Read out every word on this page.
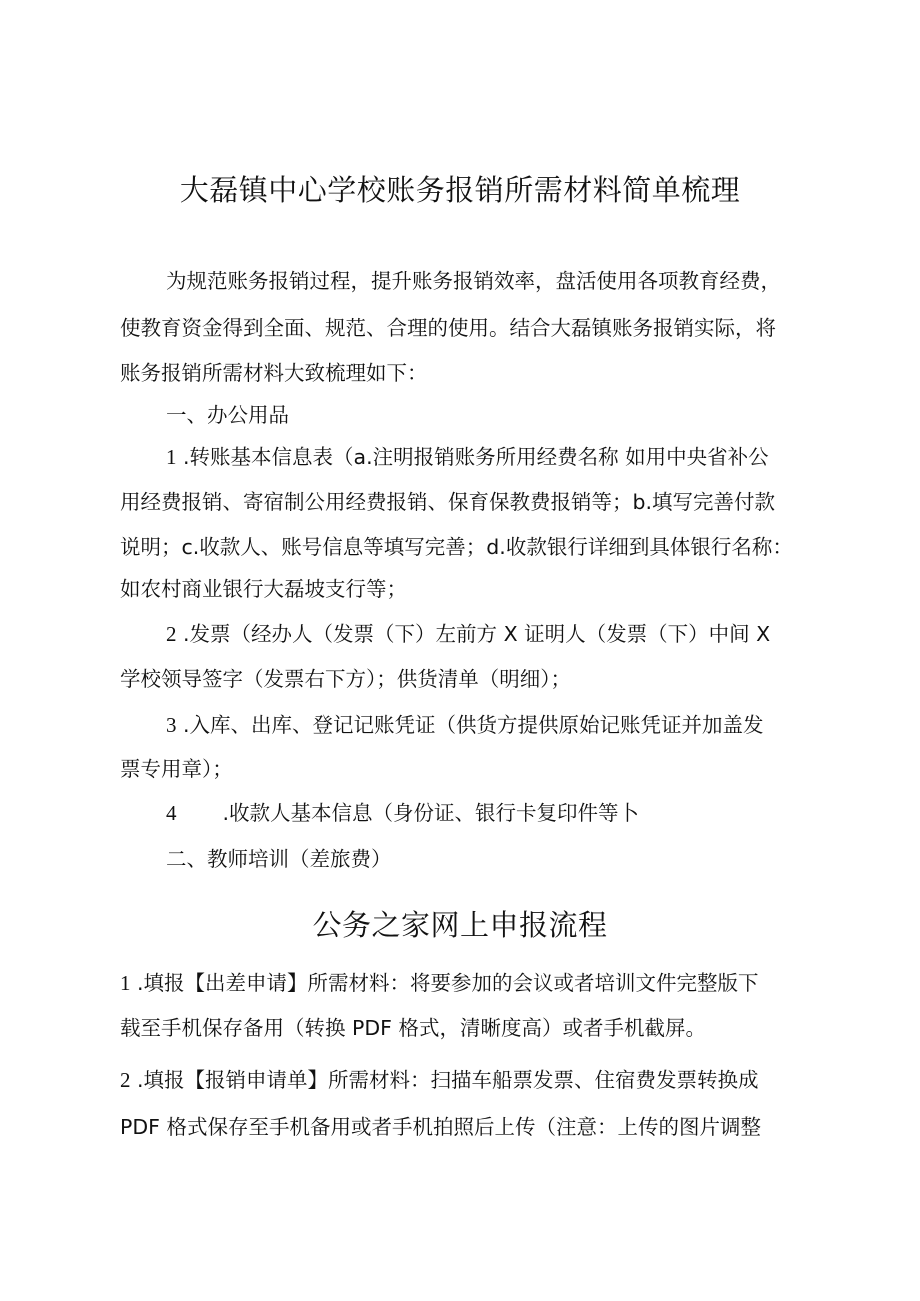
大磊镇中心学校账务报销所需材料简单梳理
为规范账务报销过程，提升账务报销效率，盘活使用各项教育经费，
使教育资金得到全面、规范、合理的使用。结合大磊镇账务报销实际，将
账务报销所需材料大致梳理如下：
一、办公用品
1 .转账基本信息表（a.注明报销账务所用经费名称 如用中央省补公
用经费报销、寄宿制公用经费报销、保育保教费报销等；b.填写完善付款
说明；c.收款人、账号信息等填写完善；d.收款银行详细到具体银行名称：
如农村商业银行大磊坡支行等；
2 .发票（经办人（发票（下）左前方 X 证明人（发票（下）中间 X
学校领导签字（发票右下方）；供货清单（明细）；
3 .入库、出库、登记记账凭证（供货方提供原始记账凭证并加盖发
票专用章）；
4 .收款人基本信息（身份证、银行卡复印件等卜
二、教师培训（差旅费）
公务之家网上申报流程
1 .填报【出差申请】所需材料：将要参加的会议或者培训文件完整版下
载至手机保存备用（转换 PDF 格式，清晰度高）或者手机截屏。
2 .填报【报销申请单】所需材料：扫描车船票发票、住宿费发票转换成
PDF 格式保存至手机备用或者手机拍照后上传（注意：上传的图片调整
